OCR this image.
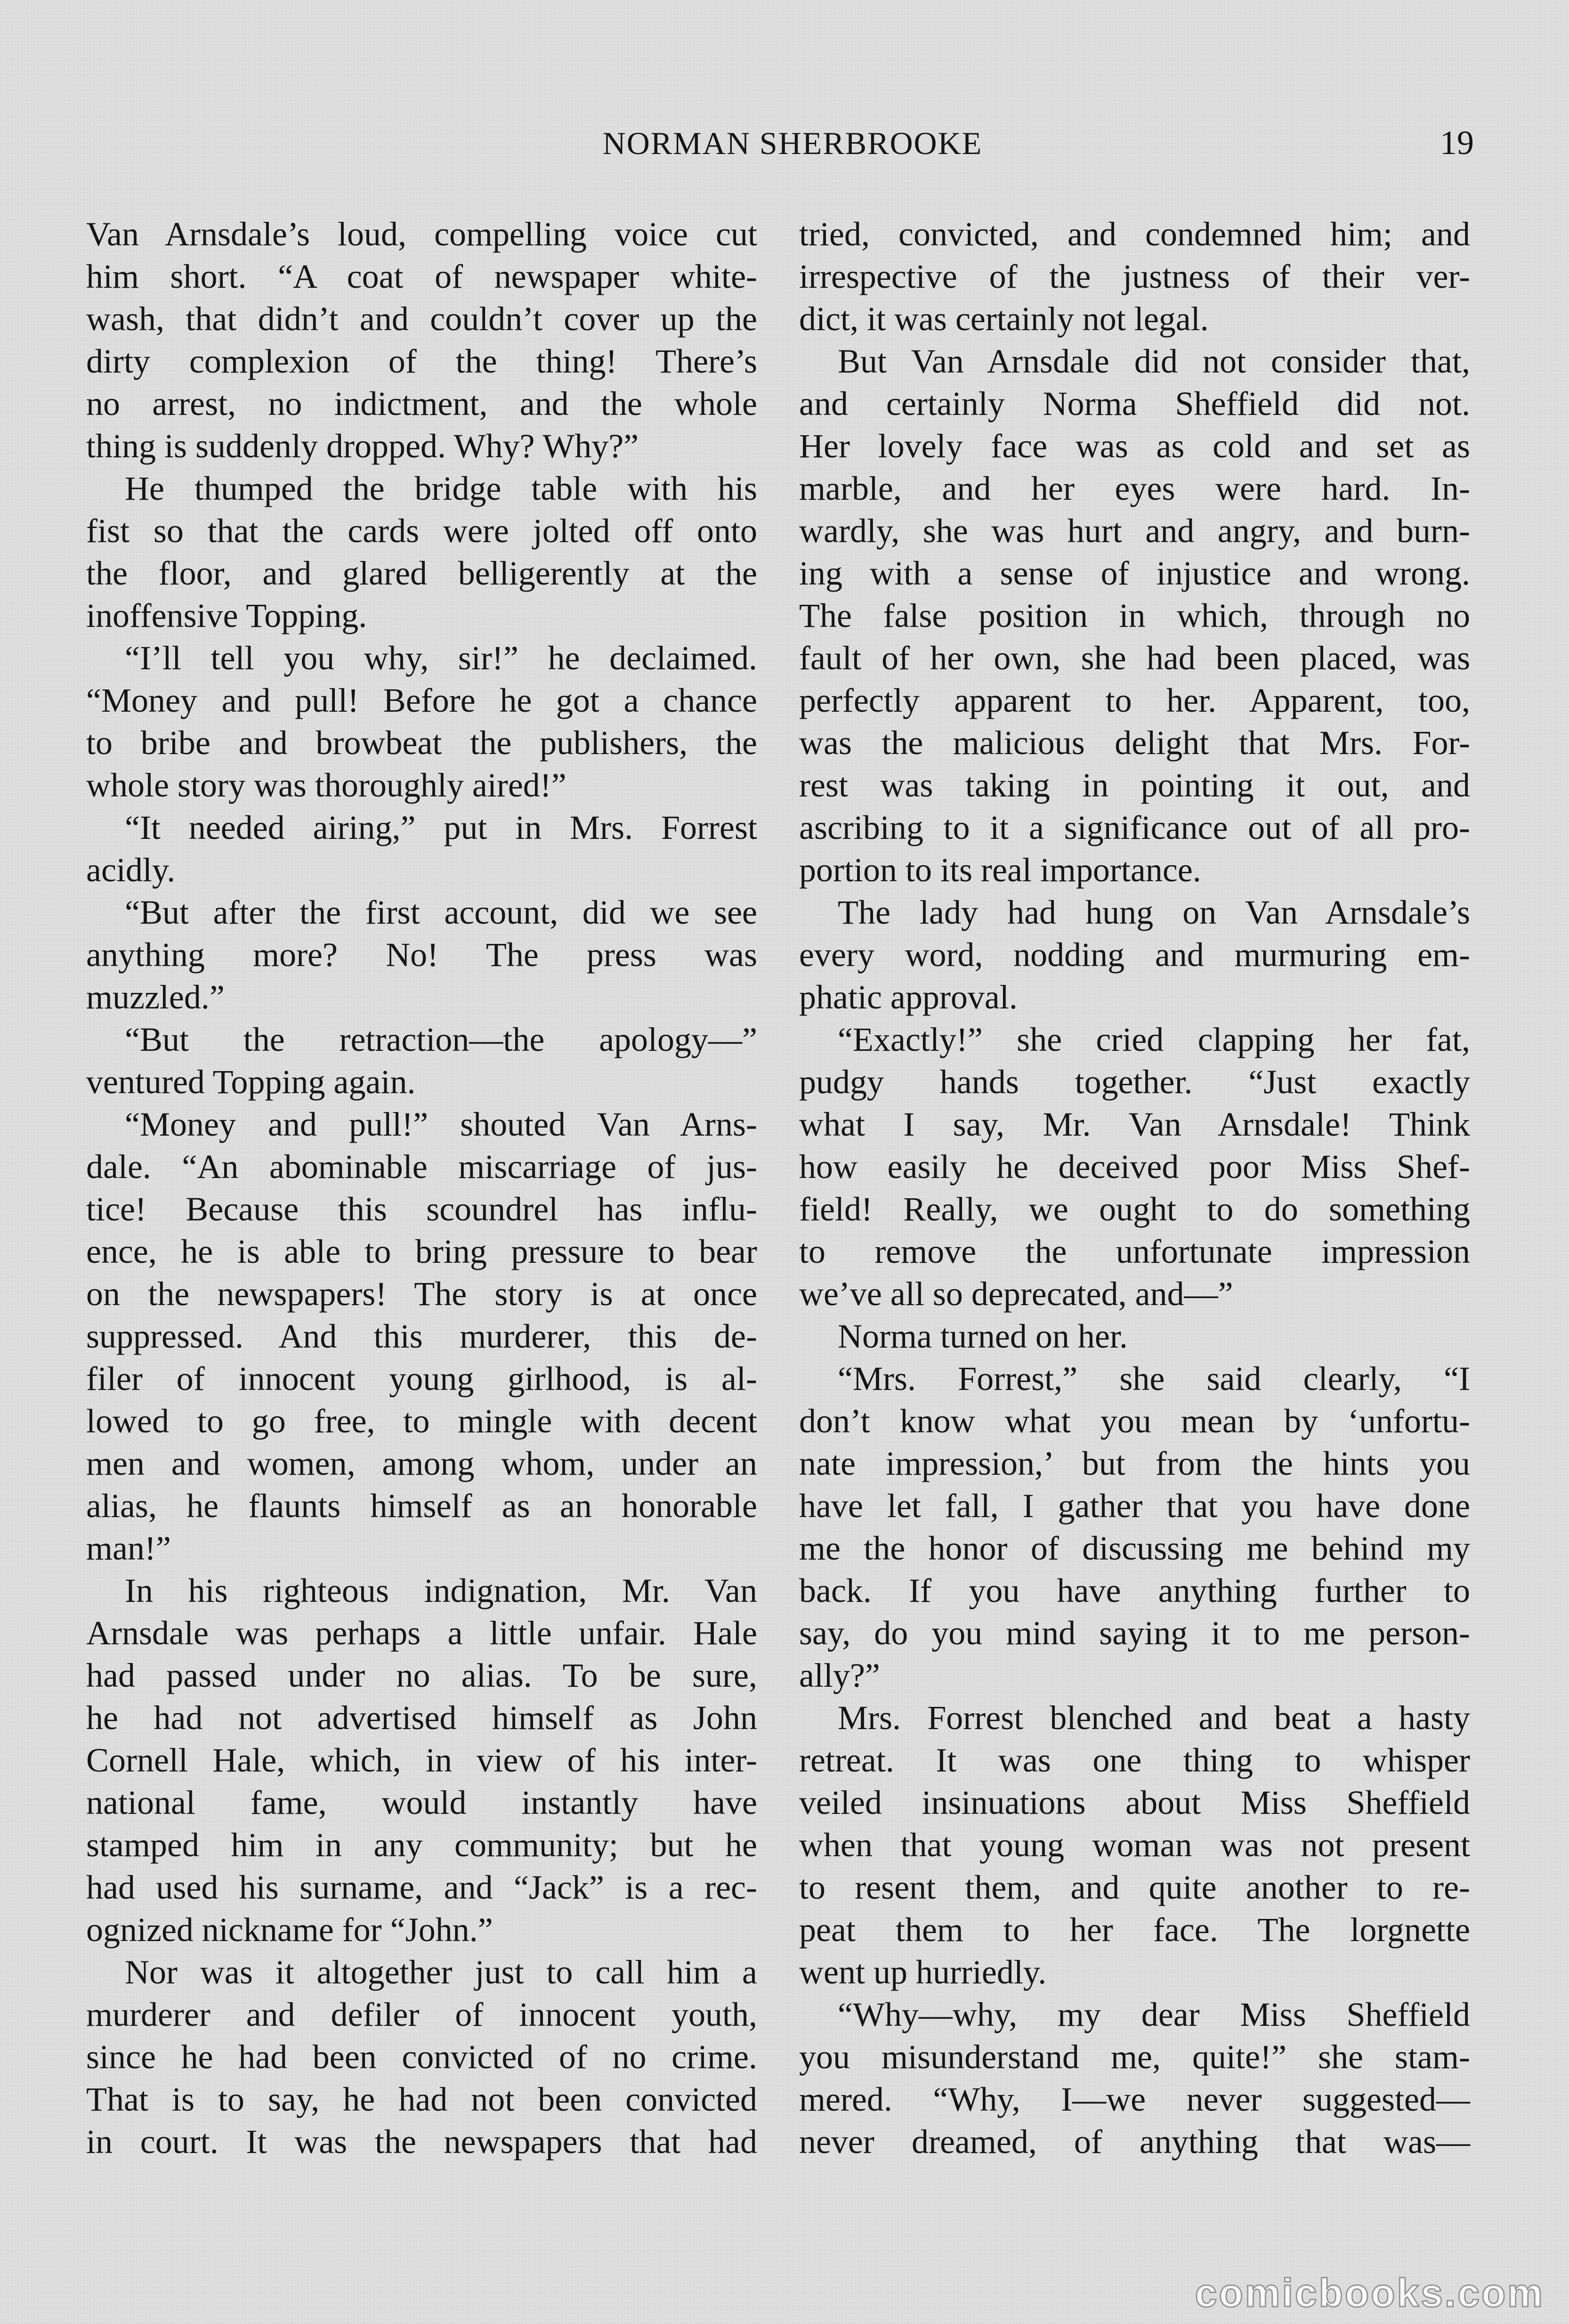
NORMAN SHERBROOKE	19
Van Arnsdale’s loud, compelling voice cut
him short. “A coat of newspaper white-
wash, that didn’t and couldn’t cover up the
dirty complexion of the thing! There’s
no arrest, no indictment, and the whole
thing is suddenly dropped. Why? Why?”
He thumped the bridge table with his
fist so that the cards were jolted off onto
the floor, and glared belligerently at the
inoffensive Topping.
“I’ll tell you why, sir!” he declaimed.
“Money and pull! Before he got a chance
to bribe and browbeat the publishers, the
whole story was thoroughly aired!”
“It needed airing,” put in Mrs. Forrest
acidly.
“But after the first account, did we see
anything more? No! The press was
muzzled.”
“But the retraction—the apology—”
ventured Topping again.
“Money and pull!” shouted Van Arns-
dale. “An abominable miscarriage of jus-
tice! Because this scoundrel has influ-
ence, he is able to bring pressure to bear
on the newspapers! The story is at once
suppressed. And this murderer, this de-
filer of innocent young girlhood, is al-
lowed to go free, to mingle with decent
men and women, among whom, under an
alias, he flaunts himself as an honorable
man!”
In his righteous indignation, Mr. Van
Arnsdale was perhaps a little unfair. Hale
had passed under no alias. To be sure,
he had not advertised himself as John
Cornell Hale, which, in view of his inter-
national fame, would instantly have
stamped him in any community; but he
had used his surname, and “Jack” is a rec-
ognized nickname for “John.”
Nor was it altogether just to call him a
murderer and defiler of innocent youth,
since he had been convicted of no crime.
That is to say, he had not been convicted
in court. It was the newspapers that had
tried, convicted, and condemned him; and
irrespective of the justness of their ver-
dict, it was certainly not legal.
But Van Arnsdale did not consider that,
and certainly Norma Sheffield did not.
Her lovely face was as cold and set as
marble, and her eyes were hard. In-
wardly, she was hurt and angry, and burn-
ing with a sense of injustice and wrong.
The false position in which, through no
fault of her own, she had been placed, was
perfectly apparent to her. Apparent, too,
was the malicious delight that Mrs. For-
rest was taking in pointing it out, and
ascribing to it a significance out of all pro-
portion to its real importance.
The lady had hung on Van Arnsdale’s
every word, nodding and murmuring em-
phatic approval.
“Exactly!” she cried clapping her fat,
pudgy hands together. “Just exactly
what I say, Mr. Van Arnsdale! Think
how easily he deceived poor Miss Shef-
field! Really, we ought to do something
to remove the unfortunate impression
we’ve all so deprecated, and—”
Norma turned on her.
“Mrs. Forrest,” she said clearly, “I
don’t know what you mean by ‘unfortu-
nate impression,’ but from the hints you
have let fall, I gather that you have done
me the honor of discussing me behind my
back. If you have anything further to
say, do you mind saying it to me person-
ally?”
Mrs. Forrest blenched and beat a hasty
retreat. It was one thing to whisper
veiled insinuations about Miss Sheffield
when that young woman was not present
to resent them, and quite another to re-
peat them to her face. The lorgnette
went up hurriedly.
“Why—why, my dear Miss Sheffield
you misunderstand me, quite!” she stam-
mered. “Why, I—we never suggested—
never dreamed, of anything that was—
comicbooks.com
